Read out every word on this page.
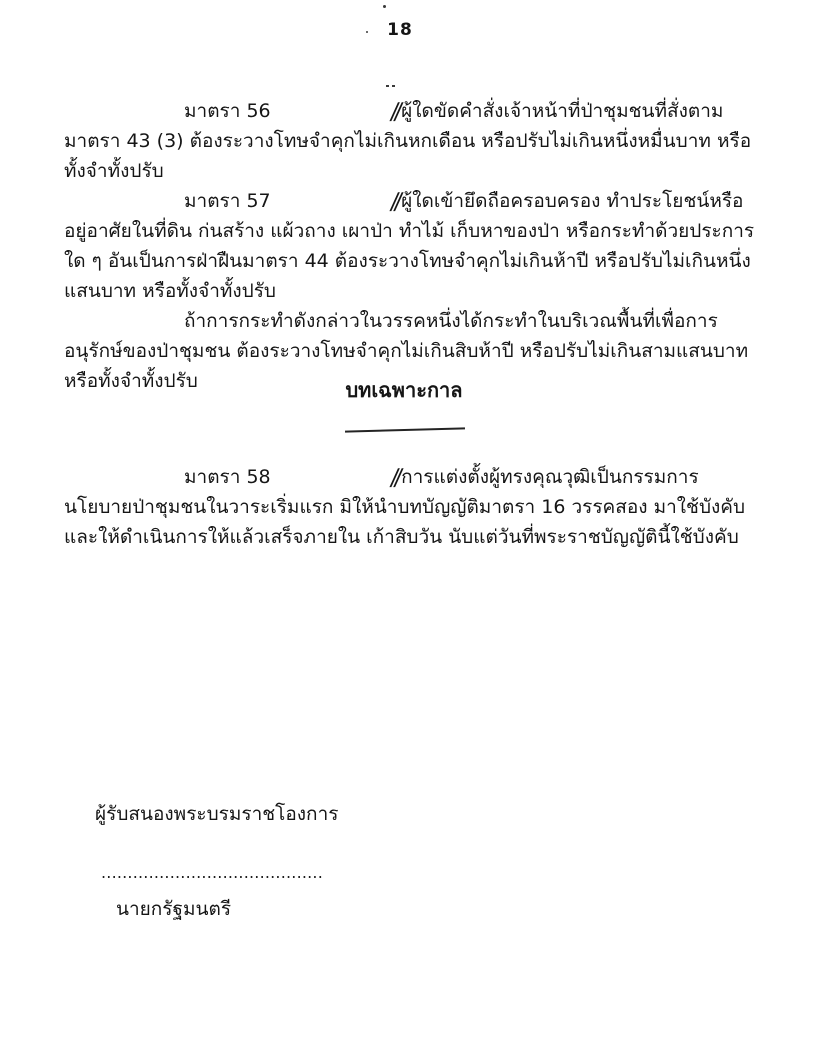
18

มาตรา 56	//ผู้ใดขัดคำสั่งเจ้าหน้าที่ป่าชุมชนที่สั่งตามมาตรา 43 (3) ต้องระวางโทษจำคุกไม่เกินหกเดือน หรือปรับไม่เกินหนึ่งหมื่นบาท หรือทั้งจำทั้งปรับ

มาตรา 57	//ผู้ใดเข้ายึดถือครอบครอง ทำประโยชน์หรืออยู่อาศัยในที่ดิน ก่นสร้าง แผ้วถาง เผาป่า ทำไม้ เก็บหาของป่า หรือกระทำด้วยประการใด ๆ อันเป็นการฝ่าฝืนมาตรา 44 ต้องระวางโทษจำคุกไม่เกินห้าปี หรือปรับไม่เกินหนึ่งแสนบาท หรือทั้งจำทั้งปรับ

ถ้าการกระทำดังกล่าวในวรรคหนึ่งได้กระทำในบริเวณพื้นที่เพื่อการอนุรักษ์ของป่าชุมชน ต้องระวางโทษจำคุกไม่เกินสิบห้าปี หรือปรับไม่เกินสามแสนบาท หรือทั้งจำทั้งปรับ	บทเฉพาะกาล

มาตรา 58	//การแต่งตั้งผู้ทรงคุณวุฒิเป็นกรรมการนโยบายป่าชุมชนในวาระเริ่มแรก มิให้นำบทบัญญัติมาตรา 16 วรรคสอง มาใช้บังคับ และให้ดำเนินการให้แล้วเสร็จภายใน เก้าสิบวัน นับแต่วันที่พระราชบัญญัตินี้ใช้บังคับ

ผู้รับสนองพระบรมราชโองการ
..........................................
นายกรัฐมนตรี
